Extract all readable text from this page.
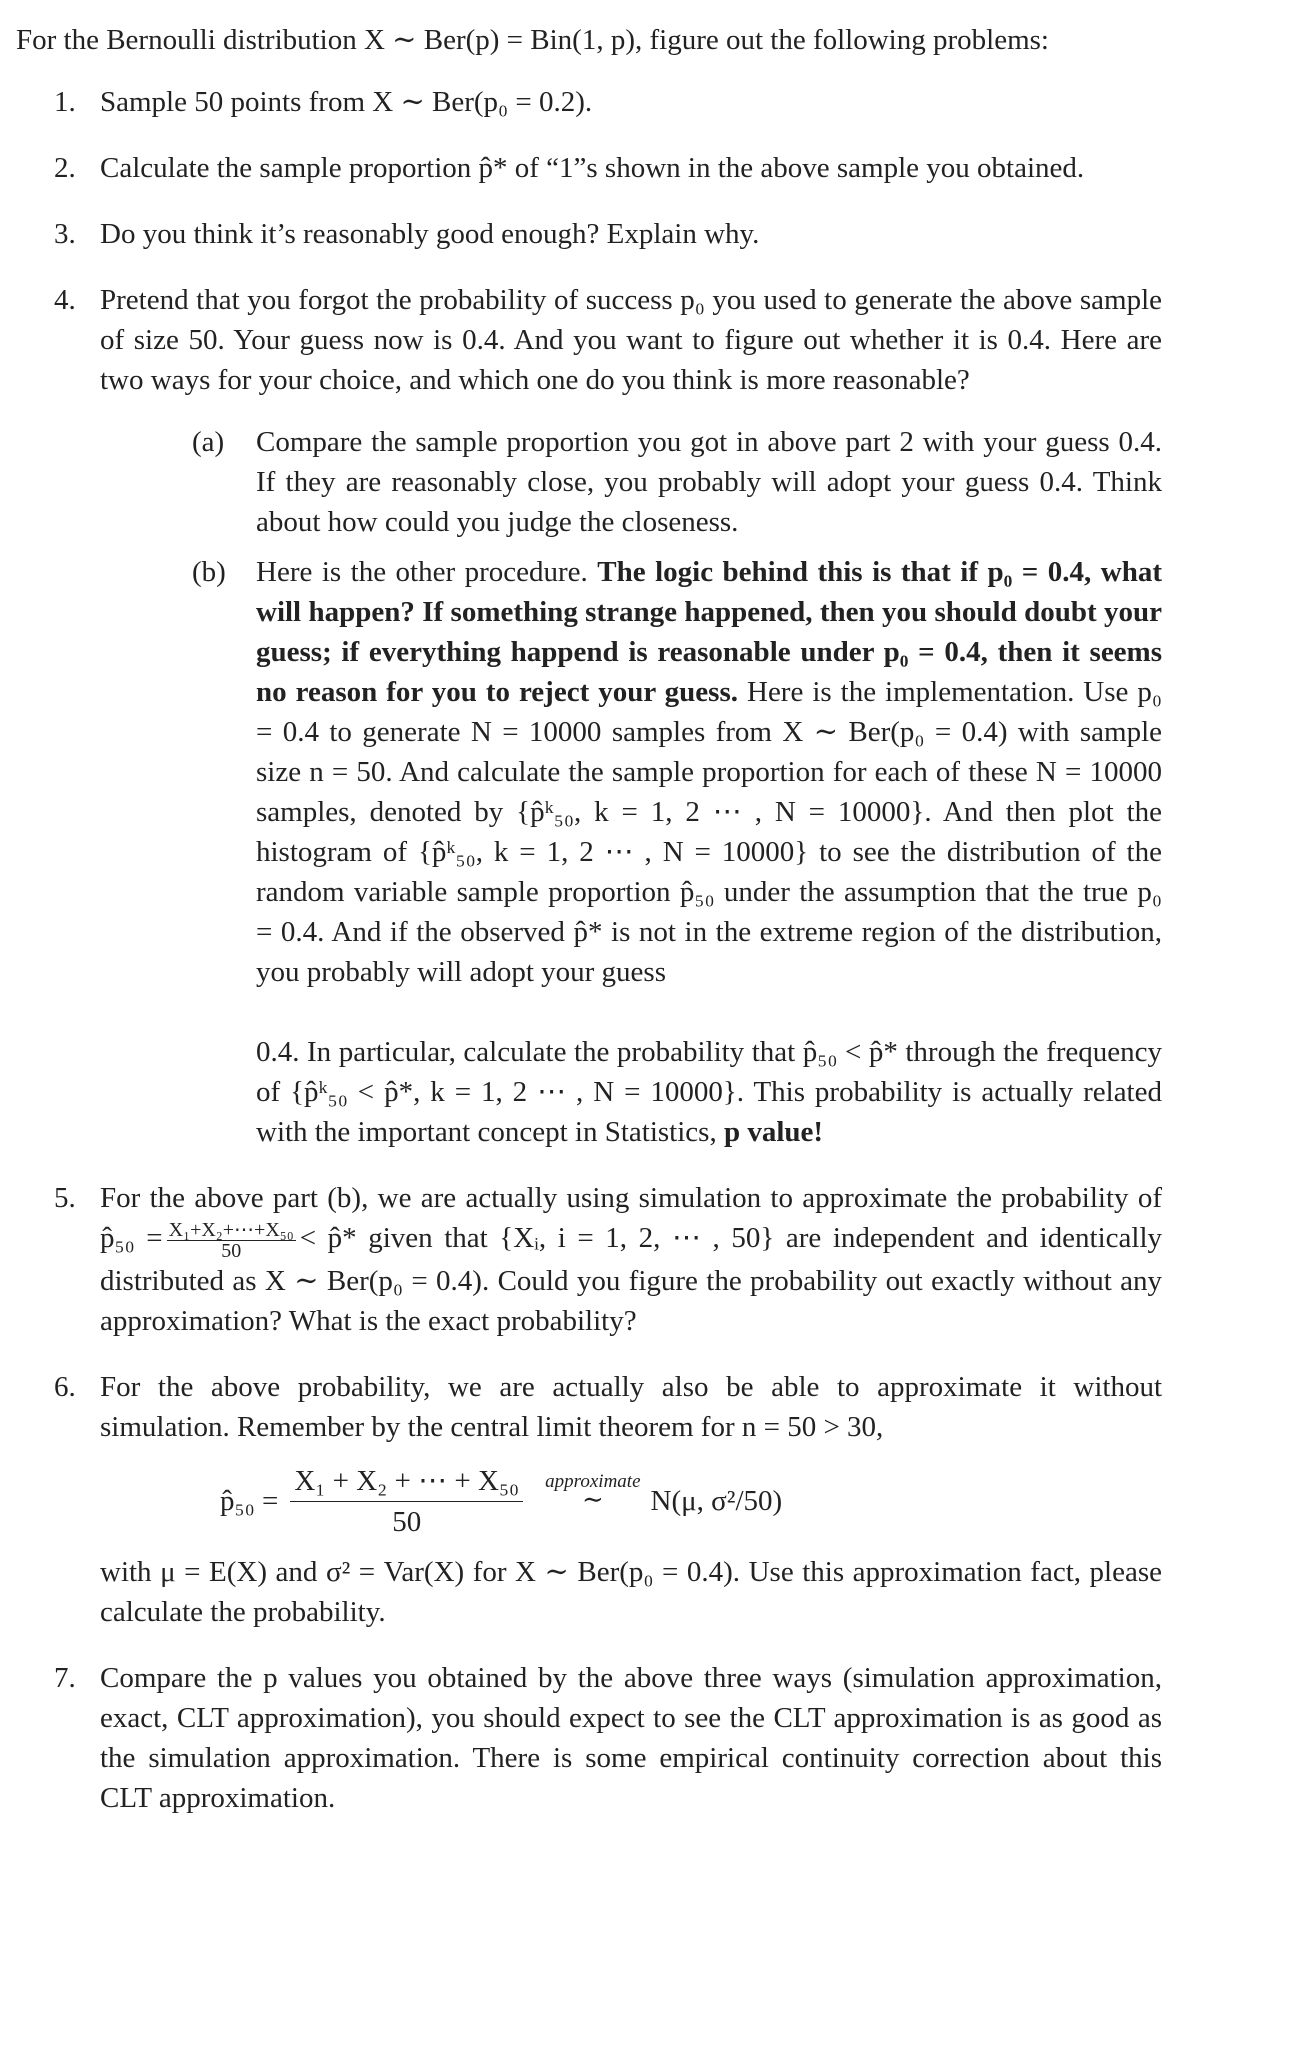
For the Bernoulli distribution X ∼ Ber(p) = Bin(1, p), figure out the following problems:

1. Sample 50 points from X ∼ Ber(p₀ = 0.2).

2. Calculate the sample proportion p̂* of “1”s shown in the above sample you obtained.

3. Do you think it’s reasonably good enough? Explain why.

4. Pretend that you forgot the probability of success p₀ you used to generate the above sample of size 50. Your guess now is 0.4. And you want to figure out whether it is 0.4. Here are two ways for your choice, and which one do you think is more reasonable?

(a) Compare the sample proportion you got in above part 2 with your guess 0.4. If they are reasonably close, you probably will adopt your guess 0.4. Think about how could you judge the closeness.

(b) Here is the other procedure. The logic behind this is that if p₀ = 0.4, what will happen? If something strange happened, then you should doubt your guess; if everything happend is reasonable under p₀ = 0.4, then it seems no reason for you to reject your guess. Here is the implementation. Use p₀ = 0.4 to generate N = 10000 samples from X ∼ Ber(p₀ = 0.4) with sample size n = 50. And calculate the sample proportion for each of these N = 10000 samples, denoted by {p̂ᵏ₅₀, k = 1, 2 ⋯ , N = 10000}. And then plot the histogram of {p̂ᵏ₅₀, k = 1, 2 ⋯ , N = 10000} to see the distribution of the random variable sample proportion p̂₅₀ under the assumption that the true p₀ = 0.4. And if the observed p̂* is not in the extreme region of the distribution, you probably will adopt your guess

0.4. In particular, calculate the probability that p̂₅₀ < p̂* through the frequency of {p̂ᵏ₅₀ < p̂*, k = 1, 2 ⋯ , N = 10000}. This probability is actually related with the important concept in Statistics, p value!

5. For the above part (b), we are actually using simulation to approximate the probability of p̂₅₀ = $\frac{\text{X₁+X₂+⋯+X₅₀}}{50}$ < p̂* given that {Xᵢ, i = 1, 2, ⋯ , 50} are independent and identically distributed as X ∼ Ber(p₀ = 0.4). Could you figure the probability out exactly without any approximation? What is the exact probability?

6. For the above probability, we are actually also be able to approximate it without simulation. Remember by the central limit theorem for n = 50 > 30,

p̂₅₀ = $\frac{\text{X₁ + X₂ + ⋯ + X₅₀}}{50}$ approximate
∼ N(μ, σ²/50)

with μ = E(X) and σ² = Var(X) for X ∼ Ber(p₀ = 0.4). Use this approximation fact, please calculate the probability.

7. Compare the p values you obtained by the above three ways (simulation approximation, exact, CLT approximation), you should expect to see the CLT approximation is as good as the simulation approximation. There is some empirical continuity correction about this CLT approximation.
